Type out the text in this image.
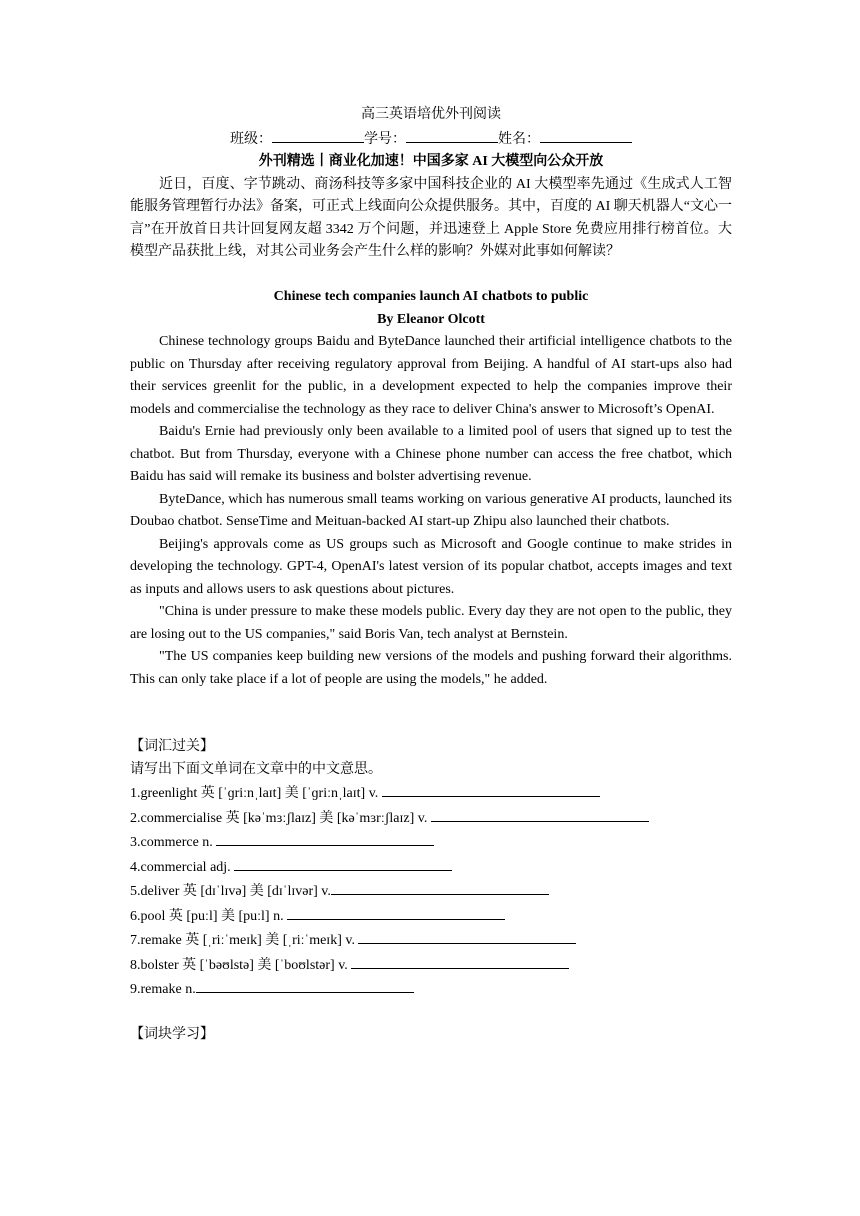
高三英语培优外刊阅读

班级：	学号：	姓名：

外刊精选丨商业化加速！中国多家 AI 大模型向公众开放

近日，百度、字节跳动、商汤科技等多家中国科技企业的 AI 大模型率先通过《生成式人工智能服务管理暂行办法》备案，可正式上线面向公众提供服务。其中，百度的 AI 聊天机器人“文心一言”在开放首日共计回复网友超 3342 万个问题，并迅速登上 Apple Store 免费应用排行榜首位。大模型产品获批上线，对其公司业务会产生什么样的影响？外媒对此事如何解读？

Chinese tech companies launch AI chatbots to public

By Eleanor Olcott

Chinese technology groups Baidu and ByteDance launched their artificial intelligence chatbots to the public on Thursday after receiving regulatory approval from Beijing. A handful of AI start-ups also had their services greenlit for the public, in a development expected to help the companies improve their models and commercialise the technology as they race to deliver China's answer to Microsoft’s OpenAI.

Baidu's Ernie had previously only been available to a limited pool of users that signed up to test the chatbot. But from Thursday, everyone with a Chinese phone number can access the free chatbot, which Baidu has said will remake its business and bolster advertising revenue.

ByteDance, which has numerous small teams working on various generative AI products, launched its Doubao chatbot. SenseTime and Meituan-backed AI start-up Zhipu also launched their chatbots.

Beijing's approvals come as US groups such as Microsoft and Google continue to make strides in developing the technology. GPT-4, OpenAI's latest version of its popular chatbot, accepts images and text as inputs and allows users to ask questions about pictures.

"China is under pressure to make these models public. Every day they are not open to the public, they are losing out to the US companies," said Boris Van, tech analyst at Bernstein.

"The US companies keep building new versions of the models and pushing forward their algorithms. This can only take place if a lot of people are using the models," he added.

【词汇过关】

请写出下面文单词在文章中的中文意思。

1.greenlight 英 [ˈɡriːnˌlaɪt] 美 [ˈɡriːnˌlaɪt] v.

2.commercialise 英 [kəˈmɜːʃlaɪz] 美 [kəˈmɜrːʃlaɪz] v.

3.commerce n.

4.commercial adj.

5.deliver 英 [dɪˈlɪvə] 美 [dɪˈlɪvər] v.

6.pool 英 [puːl] 美 [puːl] n.

7.remake 英 [ˌriːˈmeɪk] 美 [ˌriːˈmeɪk] v.

8.bolster 英 [ˈbəʊlstə] 美 [ˈboʊlstər] v.

9.remake n.

【词块学习】
